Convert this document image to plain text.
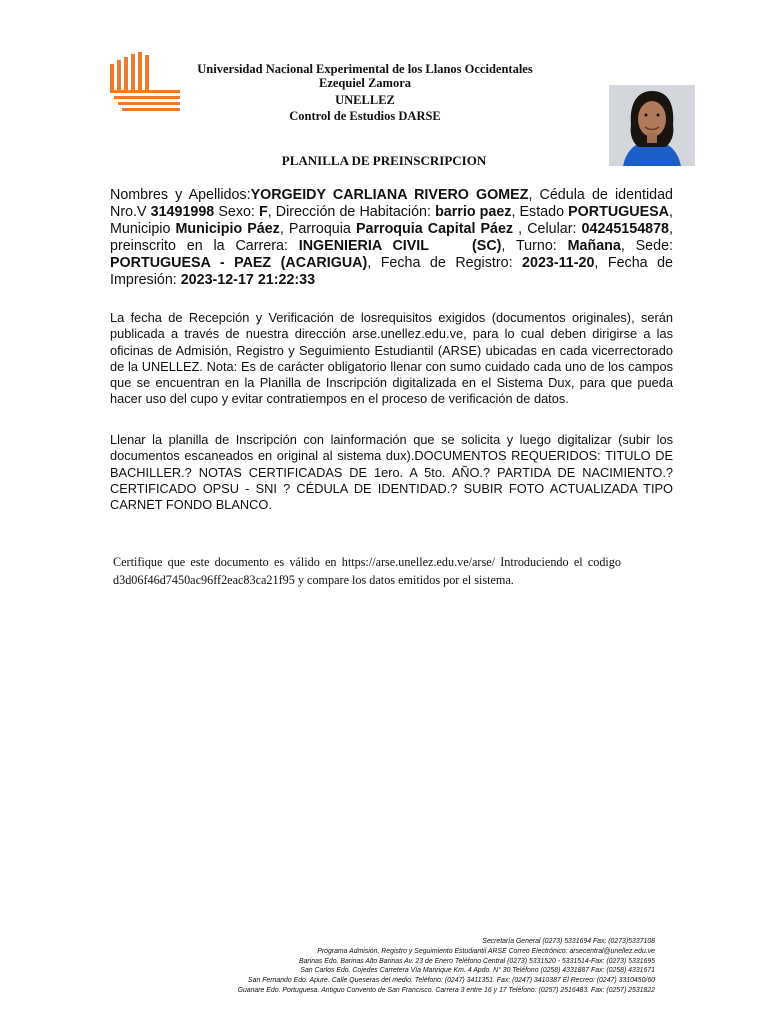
Universidad Nacional Experimental de los Llanos Occidentales
Ezequiel Zamora
UNELLEZ
Control de Estudios DARSE
PLANILLA DE PREINSCRIPCION
Nombres y Apellidos:YORGEIDY CARLIANA RIVERO GOMEZ, Cédula de identidad Nro.V 31491998 Sexo: F, Dirección de Habitación: barrio paez, Estado PORTUGUESA, Municipio Municipio Páez, Parroquia Parroquia Capital Páez , Celular: 04245154878, preinscrito en la Carrera: INGENIERIA CIVIL    (SC), Turno: Mañana, Sede: PORTUGUESA - PAEZ (ACARIGUA), Fecha de Registro: 2023-11-20, Fecha de Impresión: 2023-12-17 21:22:33
La fecha de Recepción y Verificación de losrequisitos exigidos (documentos originales), serán publicada a través de nuestra dirección arse.unellez.edu.ve, para lo cual deben dirigirse a las oficinas de Admisión, Registro y Seguimiento Estudiantil (ARSE) ubicadas en cada vicerrectorado de la UNELLEZ. Nota: Es de carácter obligatorio llenar con sumo cuidado cada uno de los campos que se encuentran en la Planilla de Inscripción digitalizada en el Sistema Dux, para que pueda hacer uso del cupo y evitar contratiempos en el proceso de verificación de datos.
Llenar la planilla de Inscripción con lainformación que se solicita y luego digitalizar (subir los documentos escaneados en original al sistema dux).DOCUMENTOS REQUERIDOS: TITULO DE BACHILLER.? NOTAS CERTIFICADAS DE 1ero. A 5to. AÑO.? PARTIDA DE NACIMIENTO.? CERTIFICADO OPSU - SNI ? CÉDULA DE IDENTIDAD.? SUBIR FOTO ACTUALIZADA TIPO CARNET FONDO BLANCO.
Certifique que este documento es válido en https://arse.unellez.edu.ve/arse/ Introduciendo el codigo d3d06f46d7450ac96ff2eac83ca21f95 y compare los datos emitidos por el sistema.
Secretaría General (0273) 5331694 Fax: (0273)5337108
Programa Admisión, Registro y Seguimiento Estudiantil ARSE Correo Electrónico: arsecentral@unellez.edu.ve
Barinas Edo. Barinas Alto Barinas Av. 23 de Enero Teléfono Central (0273) 5331520 - 5331514-Fax: (0273) 5331695
San Carlos Edo. Cojedes Carretera Vía Manrique Km. 4 Apdo. N° 30 Teléfono (0258) 4331887 Fax: (0258) 4331671
San Fernando Edo. Apure. Calle Queseras del medio. Teléfono: (0247) 3411351. Fax: (0247) 3410387 El Recreo: (0247) 3310450/60
Guanare Edo. Portuguesa. Antiguo Convento de San Francisco. Carrera 3 entre 16 y 17 Teléfono: (0257) 2516483. Fax: (0257) 2531822
